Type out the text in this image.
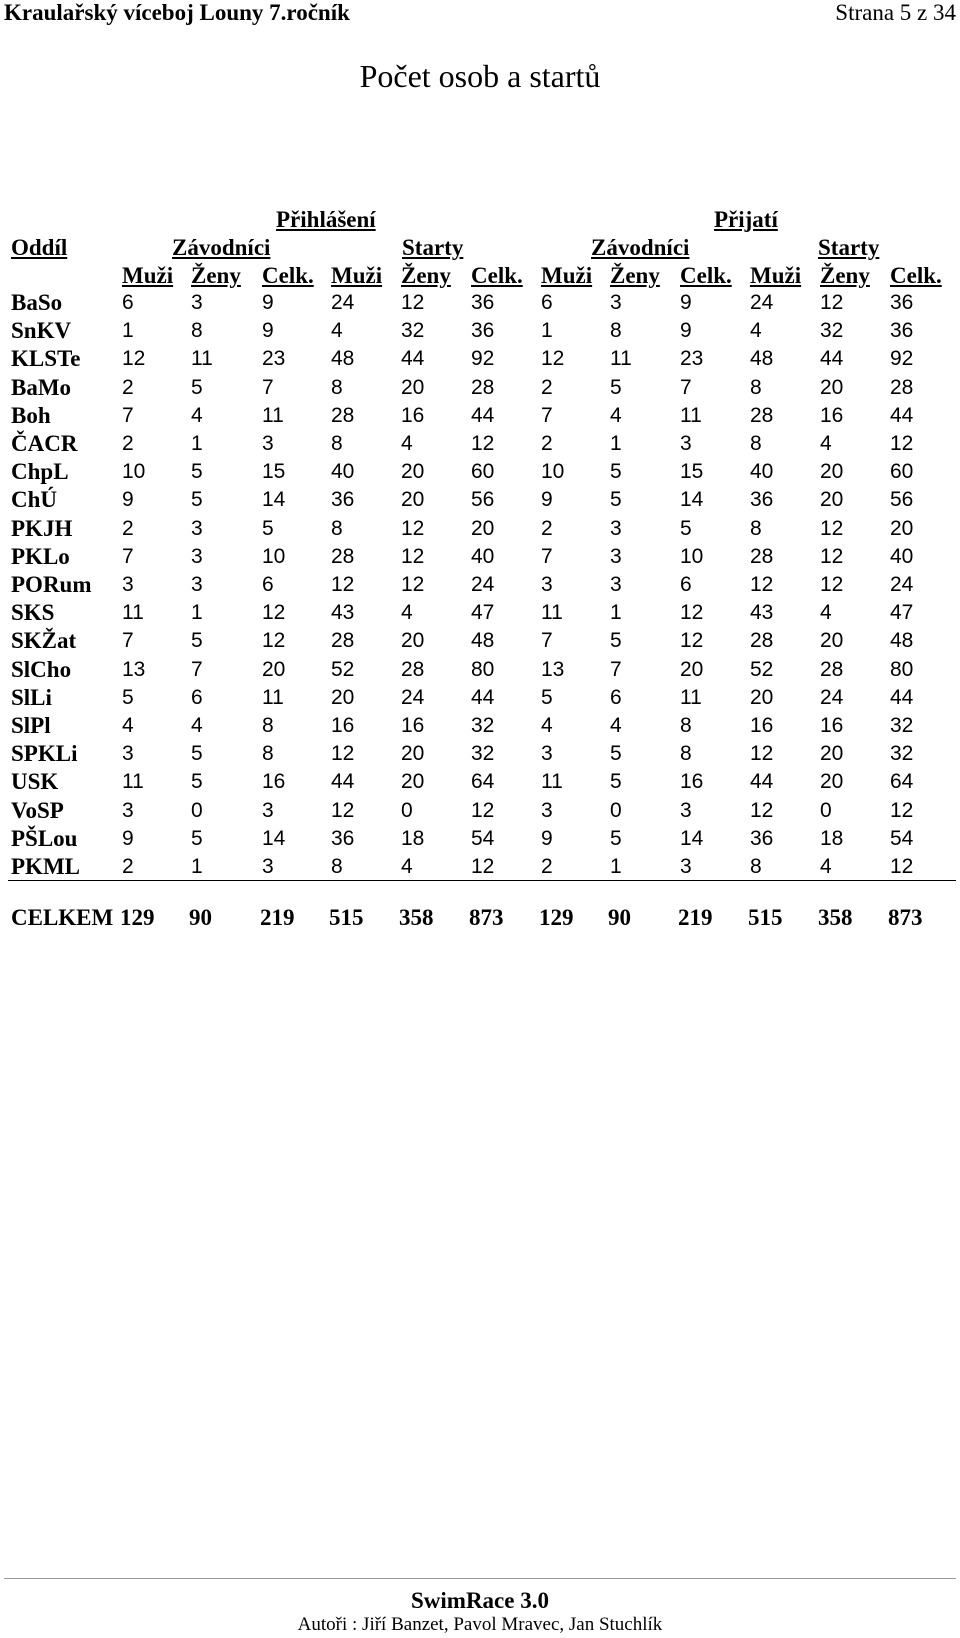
Kraulařský víceboj Louny 7.ročník	Strana 5 z 34
Počet osob a startů
Přihlášení	Přijatí
Oddíl	Závodníci	Starty	Závodníci	Starty
Muži Ženy Celk. Muži Ženy Celk. Muži Ženy Celk. Muži Ženy Celk.
BaSo	6	3	9	24 12 36 6	3	9	24 12 36
SnKV 1	8	9	4	32 36 1	8	9	4	32 36
KLSTe 12 11 23 48 44 92 12 11 23 48 44 92
BaMo 2	5	7	8	20 28 2	5	7	8	20 28
Boh	7	4	11 28 16 44 7	4	11 28 16 44
ČACR 2	1	3	8	4	12 2	1	3	8	4	12
ChpL	10 5	15 40 20 60 10 5	15 40 20 60
ChÚ	9	5	14 36 20 56 9	5	14 36 20 56
PKJH 2	3	5	8	12 20 2	3	5	8	12 20
PKLo 7	3	10 28 12 40 7	3	10 28 12 40
PORum 3	3	6	12 12 24 3	3	6	12 12 24
SKS	11 1	12 43 4	47 11 1	12 43 4	47
SKŽat 7	5	12 28 20 48 7	5	12 28 20 48
SlCho 13 7	20 52 28 80 13 7	20 52 28 80
SlLi	5	6	11 20 24 44 5	6	11 20 24 44
SlPl	4	4	8	16 16 32 4	4	8	16 16 32
SPKLi 3	5	8	12 20 32 3	5	8	12 20 32
USK	11 5	16 44 20 64 11 5	16 44 20 64
VoSP	3	0	3	12 0	12 3	0	3	12 0	12
PŠLou 9	5	14 36 18 54 9	5	14 36 18 54
PKML 2	1	3	8	4	12 2	1	3	8	4	12
CELKEM 129 90 219 515 358 873 129 90 219 515 358 873
SwimRace 3.0
Autoři : Jiří Banzet, Pavol Mravec, Jan Stuchlík
